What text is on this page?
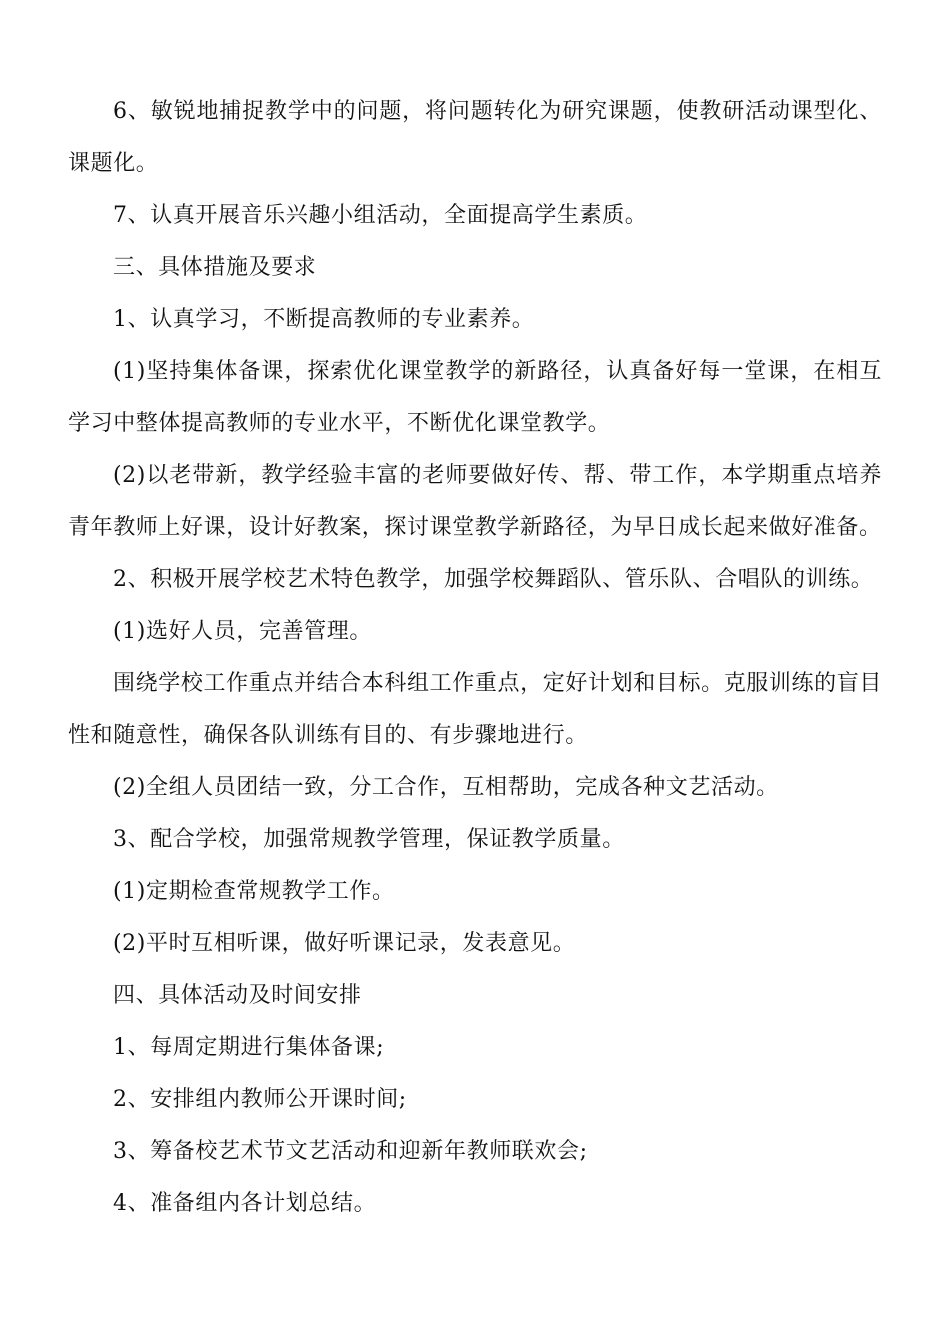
6、敏锐地捕捉教学中的问题，将问题转化为研究课题，使教研活动课型化、课题化。

7、认真开展音乐兴趣小组活动，全面提高学生素质。

三、具体措施及要求

1、认真学习，不断提高教师的专业素养。

(1)坚持集体备课，探索优化课堂教学的新路径，认真备好每一堂课，在相互学习中整体提高教师的专业水平，不断优化课堂教学。

(2)以老带新，教学经验丰富的老师要做好传、帮、带工作，本学期重点培养青年教师上好课，设计好教案，探讨课堂教学新路径，为早日成长起来做好准备。

2、积极开展学校艺术特色教学，加强学校舞蹈队、管乐队、合唱队的训练。

(1)选好人员，完善管理。

围绕学校工作重点并结合本科组工作重点，定好计划和目标。克服训练的盲目性和随意性，确保各队训练有目的、有步骤地进行。

(2)全组人员团结一致，分工合作，互相帮助，完成各种文艺活动。

3、配合学校，加强常规教学管理，保证教学质量。

(1)定期检查常规教学工作。

(2)平时互相听课，做好听课记录，发表意见。

四、具体活动及时间安排

1、每周定期进行集体备课;

2、安排组内教师公开课时间;

3、筹备校艺术节文艺活动和迎新年教师联欢会;

4、准备组内各计划总结。
